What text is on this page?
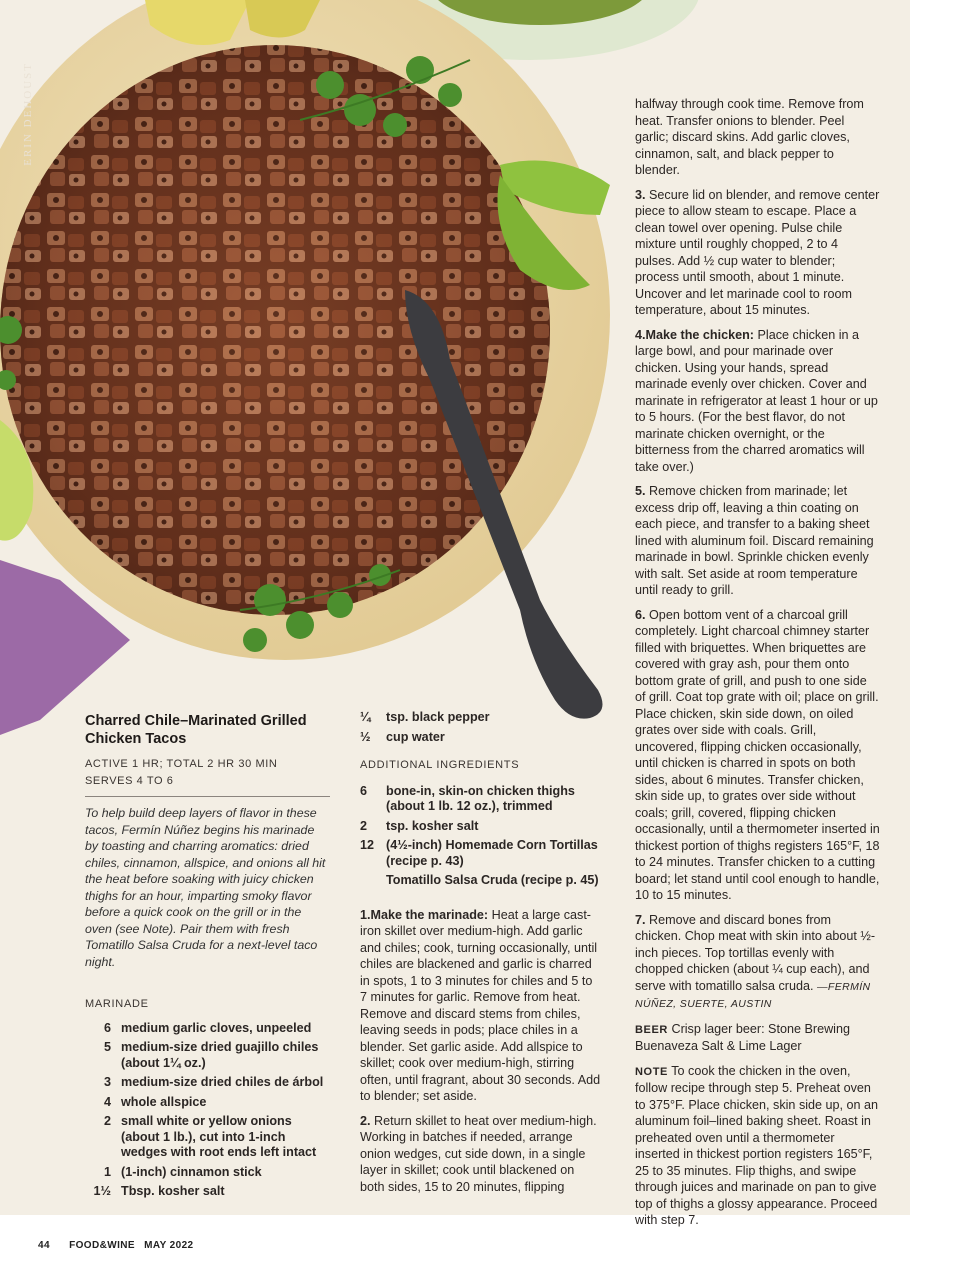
ERIN DEHOUST
Charred Chile–Marinated Grilled Chicken Tacos
ACTIVE 1 HR; TOTAL 2 HR 30 MIN
SERVES 4 TO 6

To help build deep layers of flavor in these tacos, Fermín Núñez begins his marinade by toasting and charring aromatics: dried chiles, cinnamon, allspice, and onions all hit the heat before soaking with juicy chicken thighs for an hour, imparting smoky flavor before a quick cook on the grill or in the oven (see Note). Pair them with fresh Tomatillo Salsa Cruda for a next-level taco night.

MARINADE
6 medium garlic cloves, unpeeled
5 medium-size dried guajillo chiles (about 1¼ oz.)
3 medium-size dried chiles de árbol
4 whole allspice
2 small white or yellow onions (about 1 lb.), cut into 1-inch wedges with root ends left intact
1 (1-inch) cinnamon stick
1½ Tbsp. kosher salt
¼	tsp. black pepper
½	cup water
ADDITIONAL INGREDIENTS
6	bone-in, skin-on chicken thighs (about 1 lb. 12 oz.), trimmed
2	tsp. kosher salt
12 (4½-inch) Homemade Corn Tortillas (recipe p. 43)
Tomatillo Salsa Cruda (recipe p. 45)

1.Make the marinade: Heat a large cast-iron skillet over medium-high. Add garlic and chiles; cook, turning occasionally, until chiles are blackened and garlic is charred in spots, 1 to 3 minutes for chiles and 5 to 7 minutes for garlic. Remove from heat. Remove and discard stems from chiles, leaving seeds in pods; place chiles in a blender. Set garlic aside. Add allspice to skillet; cook over medium-high, stirring often, until fragrant, about 30 seconds. Add to blender; set aside.

2. Return skillet to heat over medium-high. Working in batches if needed, arrange onion wedges, cut side down, in a single layer in skillet; cook until blackened on both sides, 15 to 20 minutes, flipping

halfway through cook time. Remove from heat. Transfer onions to blender. Peel garlic; discard skins. Add garlic cloves, cinnamon, salt, and black pepper to blender.

3. Secure lid on blender, and remove center piece to allow steam to escape. Place a clean towel over opening. Pulse chile mixture until roughly chopped, 2 to 4 pulses. Add ½ cup water to blender; process until smooth, about 1 minute. Uncover and let marinade cool to room temperature, about 15 minutes.

4.Make the chicken: Place chicken in a large bowl, and pour marinade over chicken. Using your hands, spread marinade evenly over chicken. Cover and marinate in refrigerator at least 1 hour or up to 5 hours. (For the best flavor, do not marinate chicken overnight, or the bitterness from the charred aromatics will take over.)

5. Remove chicken from marinade; let excess drip off, leaving a thin coating on each piece, and transfer to a baking sheet lined with aluminum foil. Discard remaining marinade in bowl. Sprinkle chicken evenly with salt. Set aside at room temperature until ready to grill.

6. Open bottom vent of a charcoal grill completely. Light charcoal chimney starter filled with briquettes. When briquettes are covered with gray ash, pour them onto bottom grate of grill, and push to one side of grill. Coat top grate with oil; place on grill. Place chicken, skin side down, on oiled grates over side with coals. Grill, uncovered, flipping chicken occasionally, until chicken is charred in spots on both sides, about 6 minutes. Transfer chicken, skin side up, to grates over side without coals; grill, covered, flipping chicken occasionally, until a thermometer inserted in thickest portion of thighs registers 165°F, 18 to 24 minutes. Transfer chicken to a cutting board; let stand until cool enough to handle, 10 to 15 minutes.

7. Remove and discard bones from chicken. Chop meat with skin into about ½-inch pieces. Top tortillas evenly with chopped chicken (about ¼ cup each), and serve with tomatillo salsa cruda. —FERMÍN NÚÑEZ, SUERTE, AUSTIN

BEER Crisp lager beer: Stone Brewing Buenaveza Salt & Lime Lager

NOTE To cook the chicken in the oven, follow recipe through step 5. Preheat oven to 375°F. Place chicken, skin side up, on an aluminum foil–lined baking sheet. Roast in preheated oven until a thermometer inserted in thickest portion registers 165°F, 25 to 35 minutes. Flip thighs, and swipe through juices and marinade on pan to give top of thighs a glossy appearance. Proceed with step 7.

44 FOOD&WINE MAY 2022
